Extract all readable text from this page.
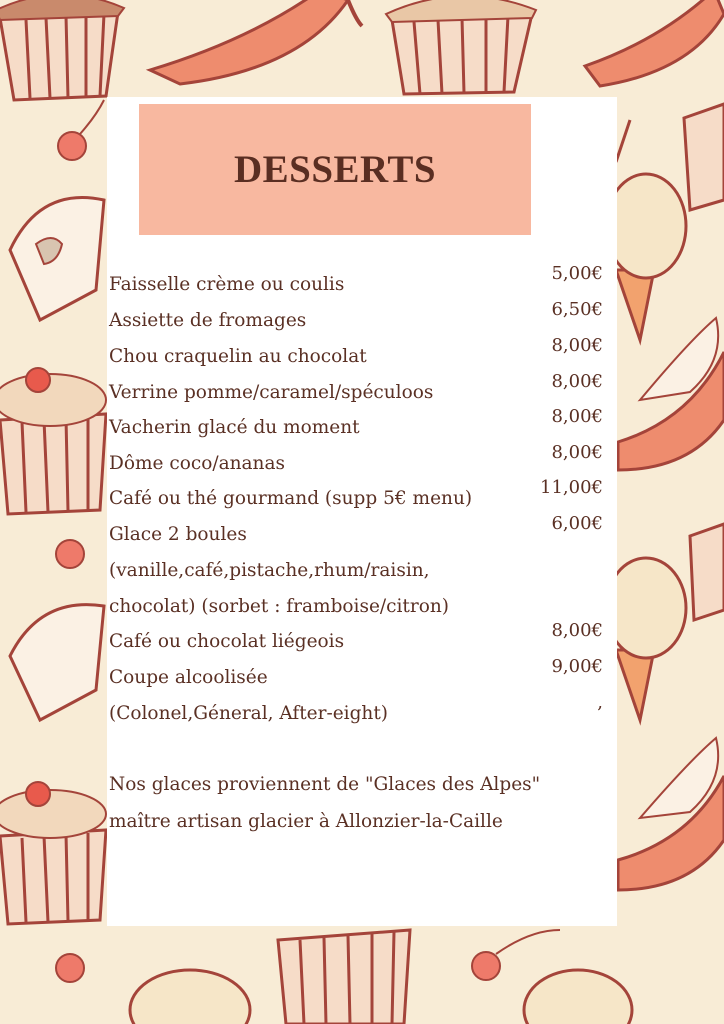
DESSERTS
Faisselle crème ou coulis
5,00€
Assiette de fromages
6,50€
Chou craquelin au chocolat
8,00€
Verrine pomme/caramel/spéculoos
8,00€
Vacherin glacé du moment
8,00€
Dôme coco/ananas
8,00€
Café ou thé gourmand (supp 5€ menu)
11,00€
Glace 2 boules
6,00€
(vanille,café,pistache,rhum/raisin,
chocolat) (sorbet : framboise/citron)
Café ou chocolat liégeois
8,00€
Coupe alcoolisée
9,00€
(Colonel,Géneral, After-eight)
,
Nos glaces proviennent de "Glaces des Alpes"
maître artisan glacier à Allonzier-la-Caille
